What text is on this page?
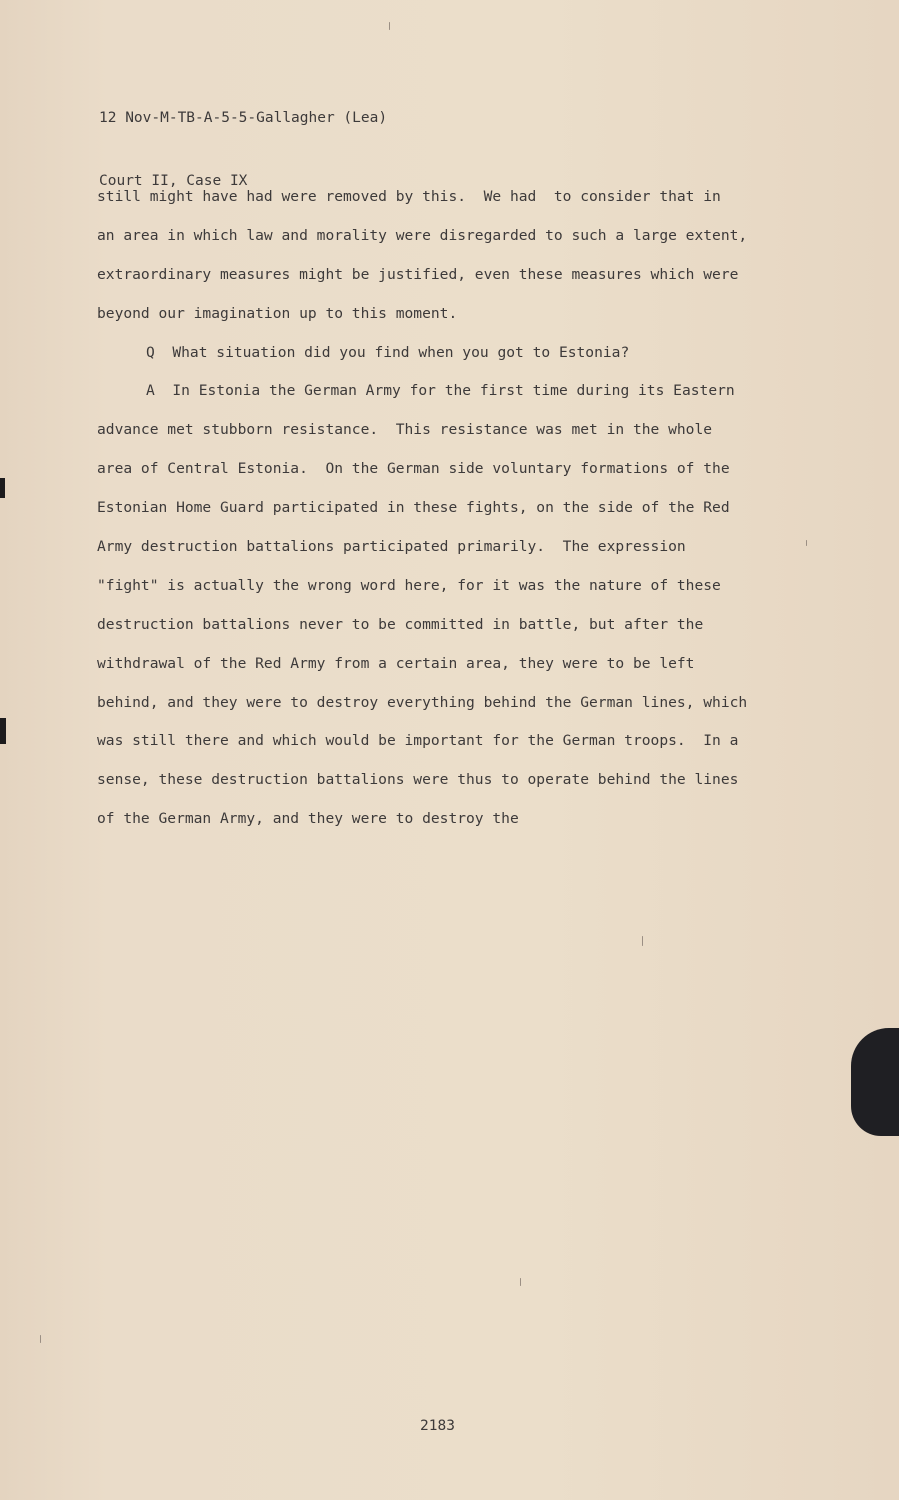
12 Nov-M-TB-A-5-5-Gallagher (Lea)

Court II, Case IX

still might have had were removed by this.  We had  to consider that in
an area in which law and morality were disregarded to such a large extent,
extraordinary measures might be justified, even these measures which were
beyond our imagination up to this moment.
Q  What situation did you find when you got to Estonia?
A  In Estonia the German Army for the first time during its Eastern
advance met stubborn resistance.  This resistance was met in the whole
area of Central Estonia.  On the German side voluntary formations of the
Estonian Home Guard participated in these fights, on the side of the Red
Army destruction battalions participated primarily.  The expression
"fight" is actually the wrong word here, for it was the nature of these
destruction battalions never to be committed in battle, but after the
withdrawal of the Red Army from a certain area, they were to be left
behind, and they were to destroy everything behind the German lines, which
was still there and which would be important for the German troops.  In a
sense, these destruction battalions were thus to operate behind the lines
of the German Army, and they were to destroy the
2183
